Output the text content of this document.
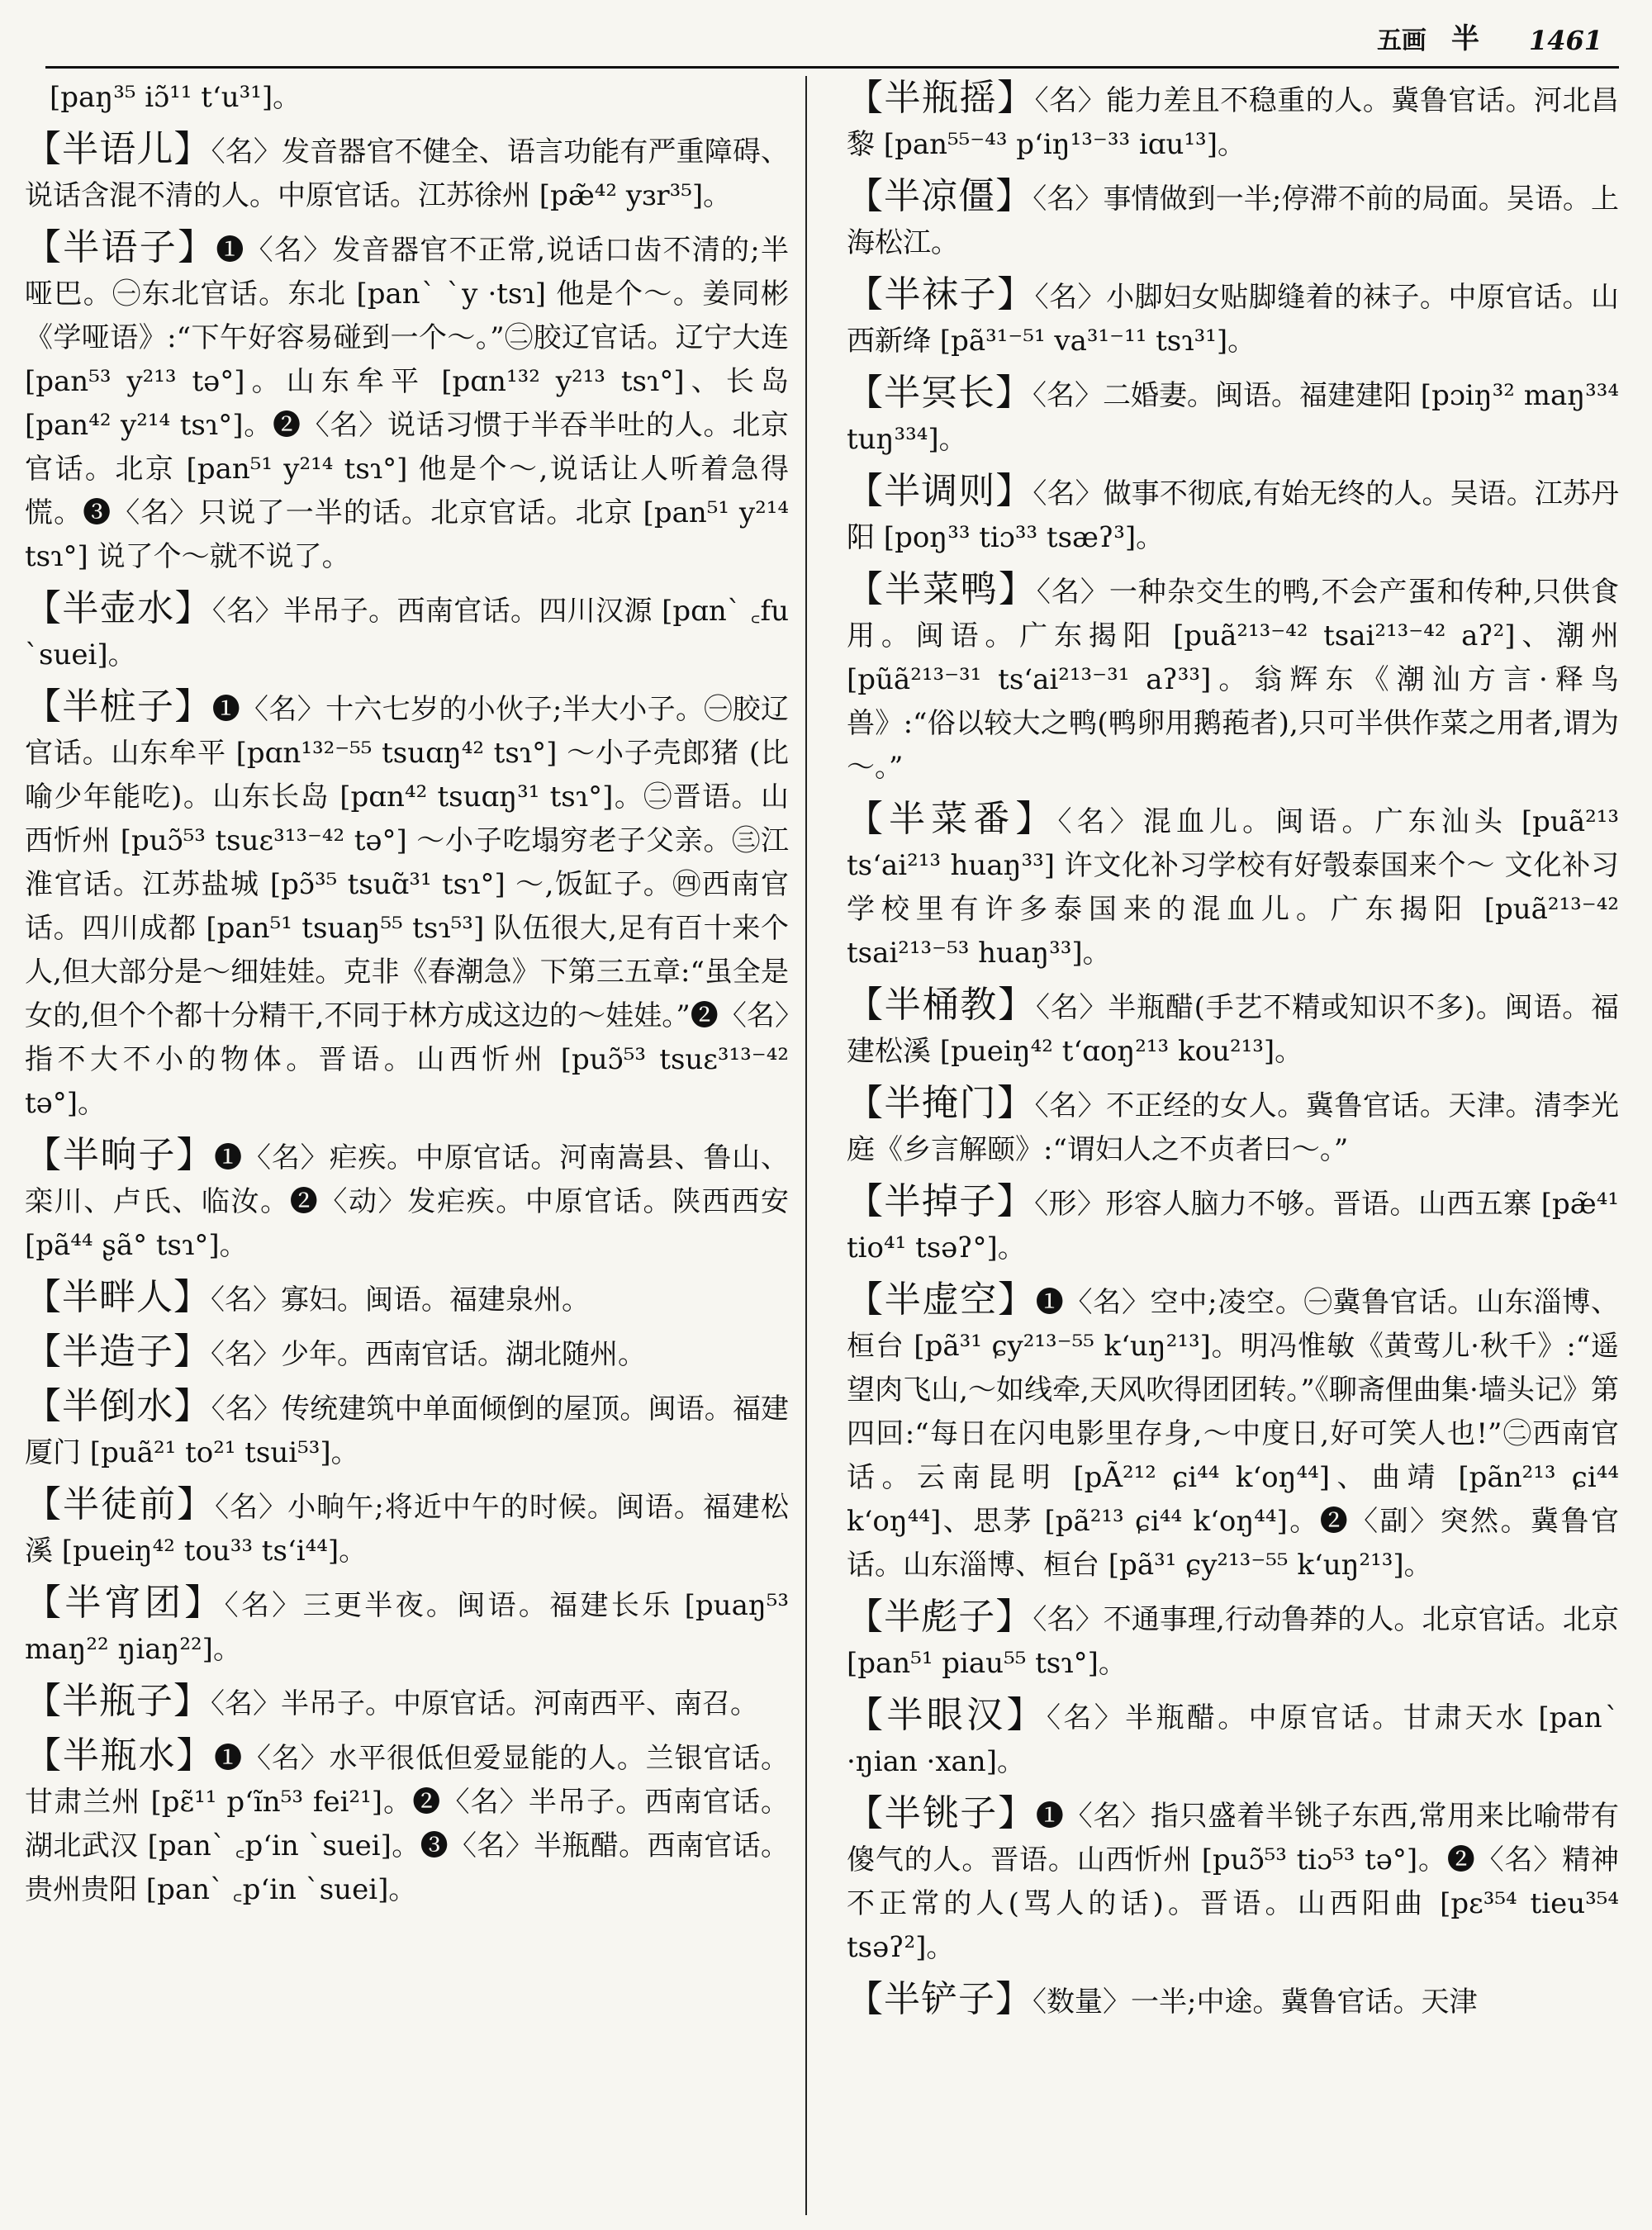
五画 半 1461
[paŋ³⁵ iɔ̃¹¹ tʻu³¹]。
【半语儿】〈名〉发音器官不健全、语言功能有严重障碍、说话含混不清的人。中原官话。江苏徐州 [pæ̃⁴² yɜr³⁵]。
【半语子】❶〈名〉发音器官不正常,说话口齿不清的;半哑巴。㊀东北官话。东北 [panˋ ˋy ·tsɿ] 他是个～。姜同彬《学哑语》:“下午好容易碰到一个～。”㊁胶辽官话。辽宁大连 [pan⁵³ y²¹³ tə°]。山东牟平 [pɑn¹³² y²¹³ tsɿ°]、长岛 [pan⁴² y²¹⁴ tsɿ°]。❷〈名〉说话习惯于半吞半吐的人。北京官话。北京 [pan⁵¹ y²¹⁴ tsɿ°] 他是个～,说话让人听着急得慌。❸〈名〉只说了一半的话。北京官话。北京 [pan⁵¹ y²¹⁴ tsɿ°] 说了个～就不说了。
【半壶水】〈名〉半吊子。西南官话。四川汉源 [pɑnˋ ꜀fu ˋsuei]。
【半桩子】❶〈名〉十六七岁的小伙子;半大小子。㊀胶辽官话。山东牟平 [pɑn¹³²⁻⁵⁵ tsuɑŋ⁴² tsɿ°] ～小子壳郎猪 (比喻少年能吃)。山东长岛 [pɑn⁴² tsuɑŋ³¹ tsɿ°]。㊁晋语。山西忻州 [puɔ̃⁵³ tsuɛ³¹³⁻⁴² tə°] ～小子吃塌穷老子父亲。㊂江淮官话。江苏盐城 [pɔ̃³⁵ tsuɑ̃³¹ tsɿ°] ～,饭缸子。㊃西南官话。四川成都 [pan⁵¹ tsuaŋ⁵⁵ tsɿ⁵³] 队伍很大,足有百十来个人,但大部分是～细娃娃。克非《春潮急》下第三五章:“虽全是女的,但个个都十分精干,不同于林方成这边的～娃娃。”❷〈名〉指不大不小的物体。晋语。山西忻州 [puɔ̃⁵³ tsuɛ³¹³⁻⁴² tə°]。
【半晌子】❶〈名〉疟疾。中原官话。河南嵩县、鲁山、栾川、卢氏、临汝。❷〈动〉发疟疾。中原官话。陕西西安 [pã⁴⁴ ʂã° tsɿ°]。
【半畔人】〈名〉寡妇。闽语。福建泉州。
【半造子】〈名〉少年。西南官话。湖北随州。
【半倒水】〈名〉传统建筑中单面倾倒的屋顶。闽语。福建厦门 [puã²¹ to²¹ tsui⁵³]。
【半徒前】〈名〉小晌午;将近中午的时候。闽语。福建松溪 [pueiŋ⁴² tou³³ tsʻi⁴⁴]。
【半宵团】〈名〉三更半夜。闽语。福建长乐 [puaŋ⁵³ maŋ²² ŋiaŋ²²]。
【半瓶子】〈名〉半吊子。中原官话。河南西平、南召。
【半瓶水】❶〈名〉水平很低但爱显能的人。兰银官话。甘肃兰州 [pɛ̃¹¹ pʻĩn⁵³ fei²¹]。❷〈名〉半吊子。西南官话。湖北武汉 [panˋ ꜀pʻin ˋsuei]。❸〈名〉半瓶醋。西南官话。贵州贵阳 [panˋ ꜀pʻin ˋsuei]。
【半瓶摇】〈名〉能力差且不稳重的人。冀鲁官话。河北昌黎 [pan⁵⁵⁻⁴³ pʻiŋ¹³⁻³³ iɑu¹³]。
【半凉僵】〈名〉事情做到一半;停滞不前的局面。吴语。上海松江。
【半袜子】〈名〉小脚妇女贴脚缝着的袜子。中原官话。山西新绛 [pã³¹⁻⁵¹ va³¹⁻¹¹ tsɿ³¹]。
【半冥长】〈名〉二婚妻。闽语。福建建阳 [pɔiŋ³² maŋ³³⁴ tuŋ³³⁴]。
【半调则】〈名〉做事不彻底,有始无终的人。吴语。江苏丹阳 [poŋ³³ tiɔ³³ tsæʔ³]。
【半菜鸭】〈名〉一种杂交生的鸭,不会产蛋和传种,只供食用。闽语。广东揭阳 [puã²¹³⁻⁴² tsai²¹³⁻⁴² aʔ²]、潮州 [pũã²¹³⁻³¹ tsʻai²¹³⁻³¹ aʔ³³]。翁辉东《潮汕方言·释鸟兽》:“俗以较大之鸭(鸭卵用鹅菢者),只可半供作菜之用者,谓为～。”
【半菜番】〈名〉混血儿。闽语。广东汕头 [puã²¹³ tsʻai²¹³ huaŋ³³] 许文化补习学校有好彀泰国来个～ 文化补习学校里有许多泰国来的混血儿。广东揭阳 [puã²¹³⁻⁴² tsai²¹³⁻⁵³ huaŋ³³]。
【半桶教】〈名〉半瓶醋(手艺不精或知识不多)。闽语。福建松溪 [pueiŋ⁴² tʻɑoŋ²¹³ kou²¹³]。
【半掩门】〈名〉不正经的女人。冀鲁官话。天津。清李光庭《乡言解颐》:“谓妇人之不贞者曰～。”
【半掉子】〈形〉形容人脑力不够。晋语。山西五寨 [pæ̃⁴¹ tio⁴¹ tsəʔ°]。
【半虚空】❶〈名〉空中;凌空。㊀冀鲁官话。山东淄博、桓台 [pã³¹ ɕy²¹³⁻⁵⁵ kʻuŋ²¹³]。明冯惟敏《黄莺儿·秋千》:“遥望肉飞山,～如线牵,天风吹得团团转。”《聊斋俚曲集·墙头记》第四回:“每日在闪电影里存身,～中度日,好可笑人也!”㊁西南官话。云南昆明 [pÃ²¹² ɕi⁴⁴ kʻoŋ⁴⁴]、曲靖 [pãn²¹³ ɕi⁴⁴ kʻoŋ⁴⁴]、思茅 [pã²¹³ ɕi⁴⁴ kʻoŋ⁴⁴]。❷〈副〉突然。冀鲁官话。山东淄博、桓台 [pã³¹ ɕy²¹³⁻⁵⁵ kʻuŋ²¹³]。
【半彪子】〈名〉不通事理,行动鲁莽的人。北京官话。北京 [pan⁵¹ piau⁵⁵ tsɿ°]。
【半眼汉】〈名〉半瓶醋。中原官话。甘肃天水 [panˋ ·ŋian ·xan]。
【半铫子】❶〈名〉指只盛着半铫子东西,常用来比喻带有傻气的人。晋语。山西忻州 [puɔ̃⁵³ tiɔ⁵³ tə°]。❷〈名〉精神不正常的人(骂人的话)。晋语。山西阳曲 [pɛ³⁵⁴ tieu³⁵⁴ tsəʔ²]。
【半铲子】〈数量〉一半;中途。冀鲁官话。天津
